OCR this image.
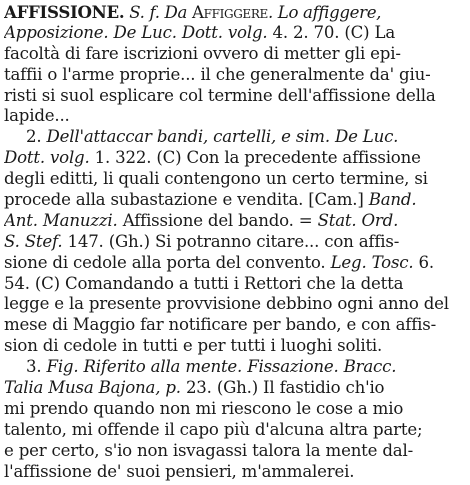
AFFISSIONE. S. f. Da Affiggere. Lo affiggere,
Apposizione. De Luc. Dott. volg. 4. 2. 70. (C) La
facoltà di fare iscrizioni ovvero di metter gli epi-
taffii o l'arme proprie... il che generalmente da' giu-
risti si suol esplicare col termine dell'affissione della
lapide...
2. Dell'attaccar bandi, cartelli, e sim. De Luc.
Dott. volg. 1. 322. (C) Con la precedente affissione
degli editti, li quali contengono un certo termine, si
procede alla subastazione e vendita. [Cam.] Band.
Ant. Manuzzi. Affissione del bando. = Stat. Ord.
S. Stef. 147. (Gh.) Si potranno citare... con affis-
sione di cedole alla porta del convento. Leg. Tosc. 6.
54. (C) Comandando a tutti i Rettori che la detta
legge e la presente provvisione debbino ogni anno del
mese di Maggio far notificare per bando, e con affis-
sion di cedole in tutti e per tutti i luoghi soliti.
3. Fig. Riferito alla mente. Fissazione. Bracc.
Talia Musa Bajona, p. 23. (Gh.) Il fastidio ch'io
mi prendo quando non mi riescono le cose a mio
talento, mi offende il capo più d'alcuna altra parte;
e per certo, s'io non isvagassi talora la mente dal-
l'affissione de' suoi pensieri, m'ammalerei.
